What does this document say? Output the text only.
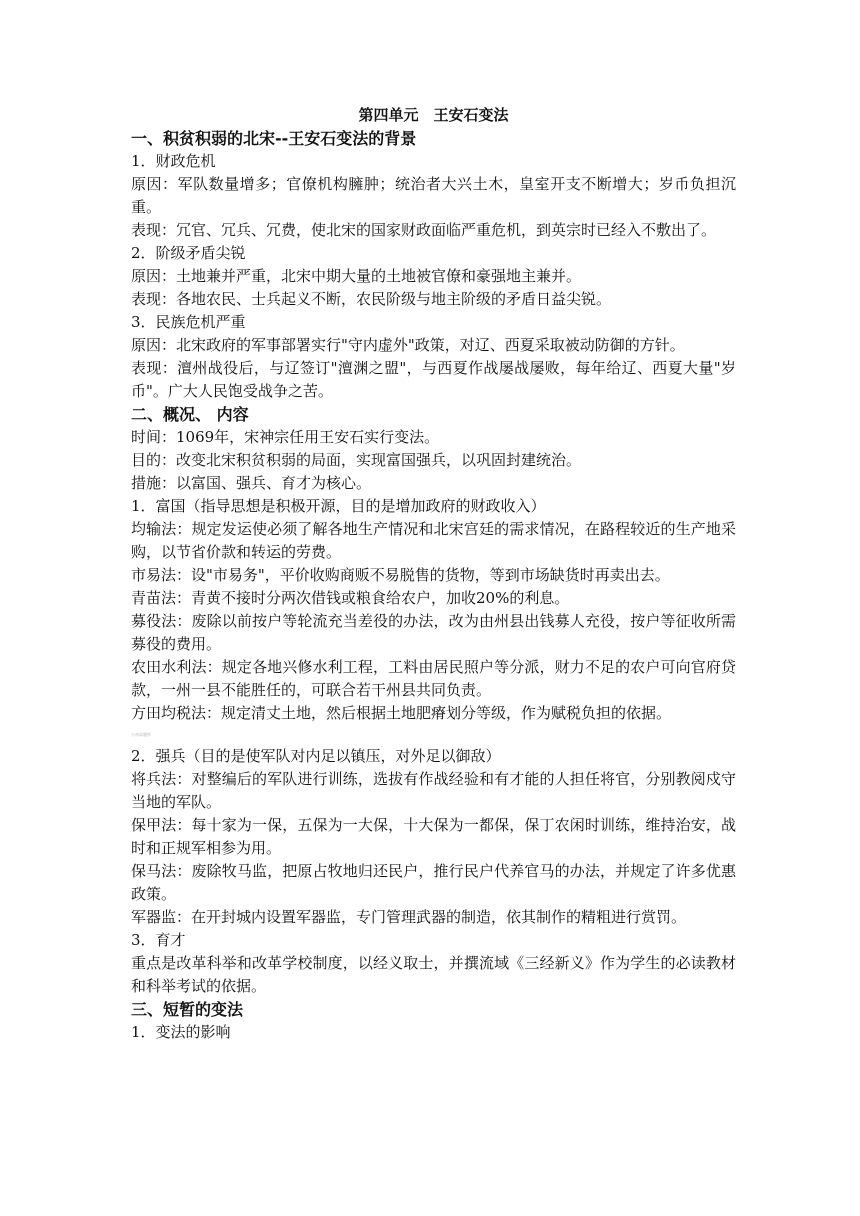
第四单元　王安石变法
一、积贫积弱的北宋--王安石变法的背景

1．财政危机

原因：军队数量增多；官僚机构臃肿；统治者大兴土木，皇室开支不断增大；岁币负担沉重。

表现：冗官、冗兵、冗费，使北宋的国家财政面临严重危机，到英宗时已经入不敷出了。

2．阶级矛盾尖锐

原因：土地兼并严重，北宋中期大量的土地被官僚和豪强地主兼并。

表现：各地农民、士兵起义不断，农民阶级与地主阶级的矛盾日益尖锐。

3．民族危机严重

原因：北宋政府的军事部署实行"守内虚外"政策，对辽、西夏采取被动防御的方针。

表现：澶州战役后，与辽签订"澶渊之盟"，与西夏作战屡战屡败，每年给辽、西夏大量"岁币"。广大人民饱受战争之苦。

二、概况、 内容

时间：1069年，宋神宗任用王安石实行变法。

目的：改变北宋积贫积弱的局面，实现富国强兵，以巩固封建统治。

措施：以富国、强兵、育才为核心。

1．富国（指导思想是积极开源，目的是增加政府的财政收入）

均输法：规定发运使必须了解各地生产情况和北宋宫廷的需求情况，在路程较近的生产地采购，以节省价款和转运的劳费。

市易法：设"市易务"，平价收购商贩不易脱售的货物，等到市场缺货时再卖出去。

青苗法：青黄不接时分两次借钱或粮食给农户，加收20%的利息。

募役法：废除以前按户等轮流充当差役的办法，改为由州县出钱募人充役，按户等征收所需募役的费用。

农田水利法：规定各地兴修水利工程，工料由居民照户等分派，财力不足的农户可向官府贷款，一州一县不能胜任的，可联合若干州县共同负责。

方田均税法：规定清丈土地，然后根据土地肥瘠划分等级，作为赋税负担的依据。

小初高题库

2．强兵（目的是使军队对内足以镇压，对外足以御敌）

将兵法：对整编后的军队进行训练，选拔有作战经验和有才能的人担任将官，分别教阅戍守当地的军队。

保甲法：每十家为一保，五保为一大保，十大保为一都保，保丁农闲时训练，维持治安，战时和正规军相参为用。

保马法：废除牧马监，把原占牧地归还民户，推行民户代养官马的办法，并规定了许多优惠政策。

军器监：在开封城内设置军器监，专门管理武器的制造，依其制作的精粗进行赏罚。

3．育才

重点是改革科举和改革学校制度，以经义取士，并撰流域《三经新义》作为学生的必读教材和科举考试的依据。

三、短暂的变法

1．变法的影响
